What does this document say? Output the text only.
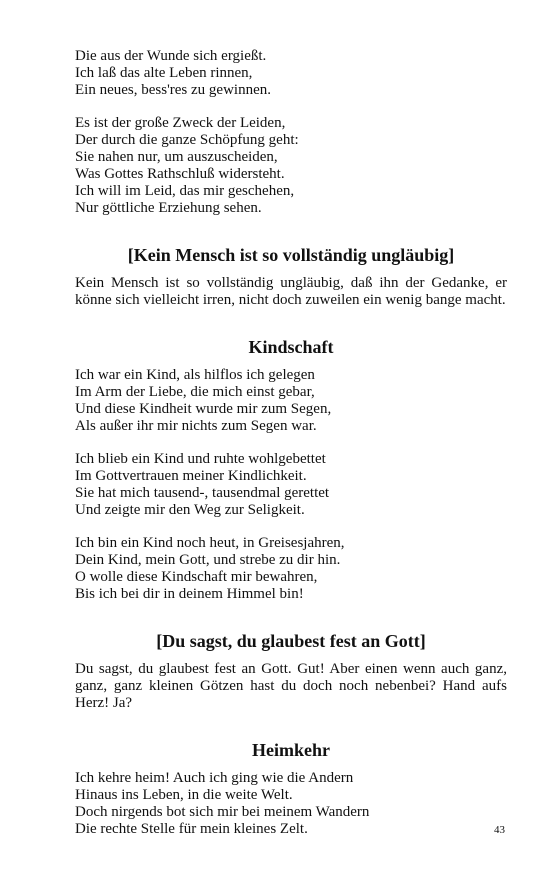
Die aus der Wunde sich ergießt.
Ich laß das alte Leben rinnen,
Ein neues, bess'res zu gewinnen.
Es ist der große Zweck der Leiden,
Der durch die ganze Schöpfung geht:
Sie nahen nur, um auszuscheiden,
Was Gottes Rathschluß widersteht.
Ich will im Leid, das mir geschehen,
Nur göttliche Erziehung sehen.
[Kein Mensch ist so vollständig ungläubig]

Kein Mensch ist so vollständig ungläubig, daß ihn der Gedanke, er könne sich vielleicht irren, nicht doch zuweilen ein wenig bange macht.

Kindschaft
Ich war ein Kind, als hilflos ich gelegen
Im Arm der Liebe, die mich einst gebar,
Und diese Kindheit wurde mir zum Segen,
Als außer ihr mir nichts zum Segen war.
Ich blieb ein Kind und ruhte wohlgebettet
Im Gottvertrauen meiner Kindlichkeit.
Sie hat mich tausend-, tausendmal gerettet
Und zeigte mir den Weg zur Seligkeit.
Ich bin ein Kind noch heut, in Greisesjahren,
Dein Kind, mein Gott, und strebe zu dir hin.
O wolle diese Kindschaft mir bewahren,
Bis ich bei dir in deinem Himmel bin!
[Du sagst, du glaubest fest an Gott]

Du sagst, du glaubest fest an Gott. Gut! Aber einen wenn auch ganz, ganz, ganz kleinen Götzen hast du doch noch nebenbei? Hand aufs Herz! Ja?

Heimkehr
Ich kehre heim! Auch ich ging wie die Andern
Hinaus ins Leben, in die weite Welt.
Doch nirgends bot sich mir bei meinem Wandern
Die rechte Stelle für mein kleines Zelt.	43
